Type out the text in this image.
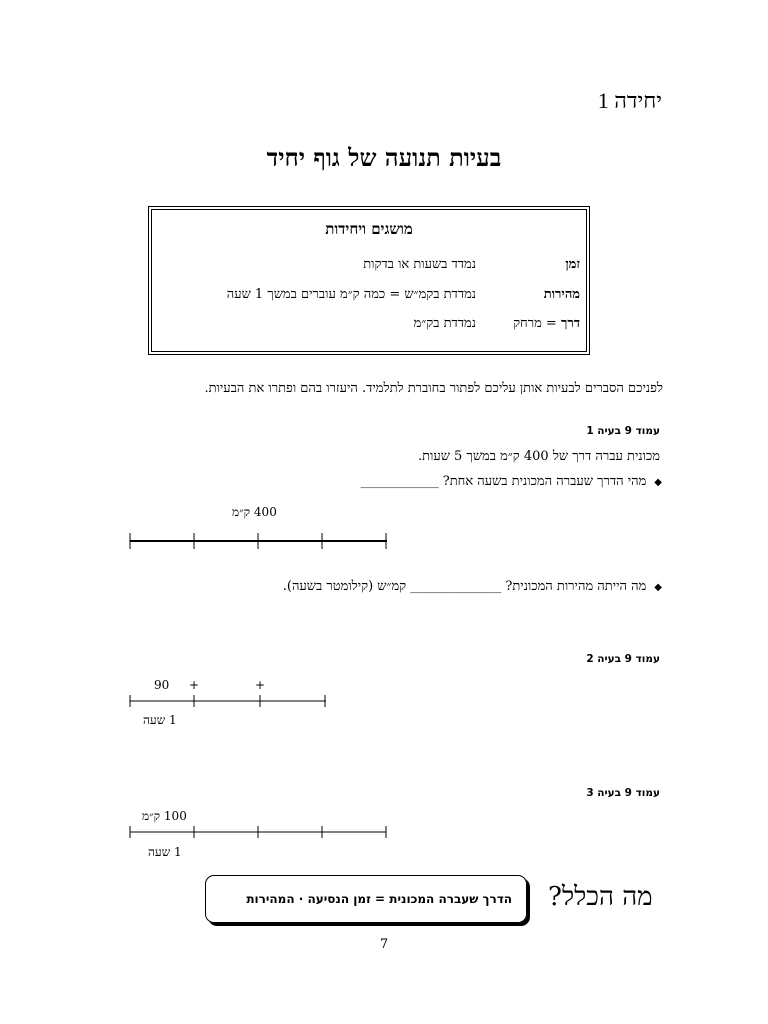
יחידה 1
בעיות תנועה של גוף יחיד
מושגים ויחידות
זמן
נמדד בשעות או בדקות
מהירות
נמדדת בקמ״ש = כמה ק״מ עוברים במשך 1 שעה
דרך = מרחק
נמדדת בק״מ
לפניכם הסברים לבעיות אותן עליכם לפתור בחוברת לתלמיד. היעזרו בהם ופתרו את הבעיות.
עמוד 9 בעיה 1
מכונית עברה דרך של 400 ק״מ במשך 5 שעות.
◆מהי הדרך שעברה המכונית בשעה אחת? ____________
400 ק״מ
◆מה הייתה מהירות המכונית? ______________ קמ״ש (קילומטר בשעה).
עמוד 9 בעיה 2
90 +	+
1 שעה
עמוד 9 בעיה 3
100 ק״מ
1 שעה
הדרך שעברה המכונית = זמן הנסיעה · המהירות מה הכלל?
7
